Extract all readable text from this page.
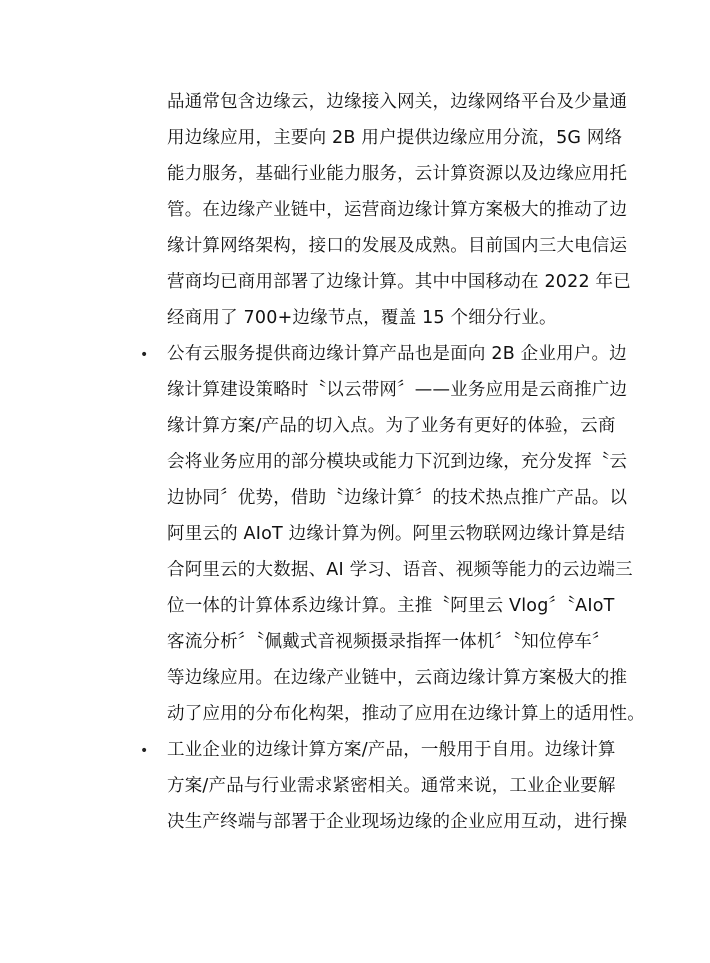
品通常包含边缘云，边缘接入网关，边缘网络平台及少量通
用边缘应用，主要向 2B 用户提供边缘应用分流，5G 网络
能力服务，基础行业能力服务，云计算资源以及边缘应用托
管。在边缘产业链中，运营商边缘计算方案极大的推动了边
缘计算网络架构，接口的发展及成熟。目前国内三大电信运
营商均已商用部署了边缘计算。其中中国移动在 2022 年已
经商用了 700+边缘节点，覆盖 15 个细分行业。
• 公有云服务提供商边缘计算产品也是面向 2B 企业用户。边
缘计算建设策略时〝以云带网〞——业务应用是云商推广边
缘计算方案/产品的切入点。为了业务有更好的体验，云商
会将业务应用的部分模块或能力下沉到边缘，充分发挥〝云
边协同〞优势，借助〝边缘计算〞的技术热点推广产品。以
阿里云的 AIoT 边缘计算为例。阿里云物联网边缘计算是结
合阿里云的大数据、AI 学习、语音、视频等能力的云边端三
位一体的计算体系边缘计算。主推〝阿里云 Vlog〞〝AIoT
客流分析〞〝佩戴式音视频摄录指挥一体机〞〝知位停车〞
等边缘应用。在边缘产业链中，云商边缘计算方案极大的推
动了应用的分布化构架，推动了应用在边缘计算上的适用性。
• 工业企业的边缘计算方案/产品，一般用于自用。边缘计算
方案/产品与行业需求紧密相关。通常来说，工业企业要解
决生产终端与部署于企业现场边缘的企业应用互动，进行操
